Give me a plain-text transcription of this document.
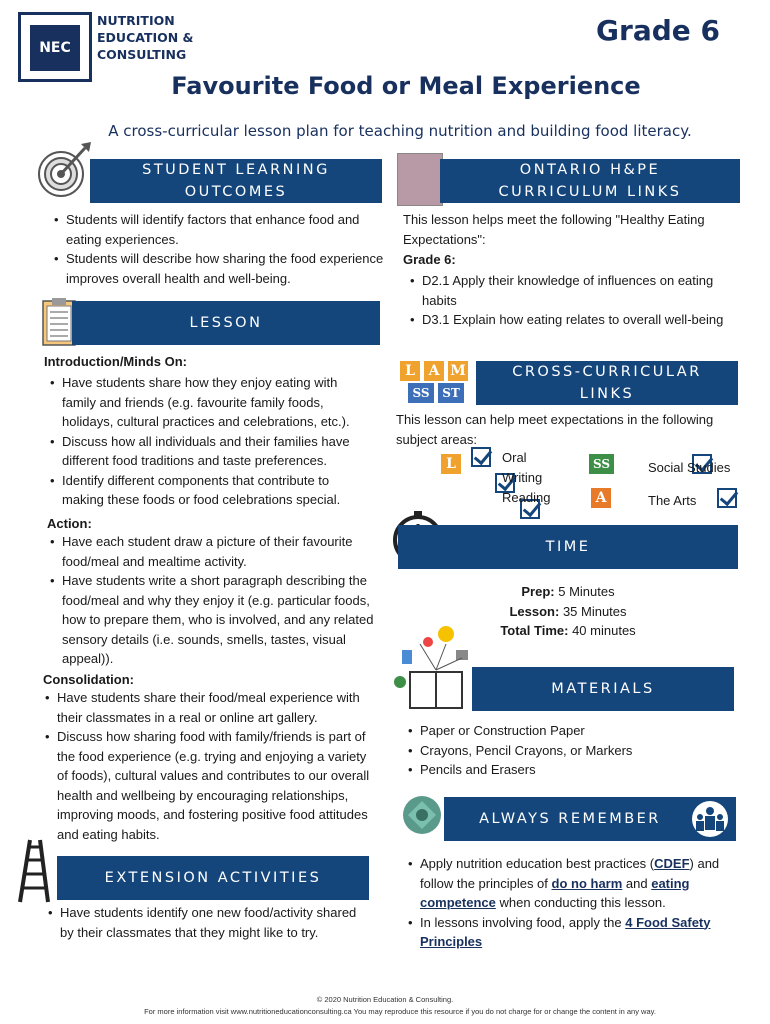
NEC
NUTRITION
EDUCATION &
CONSULTING
Grade 6
Favourite Food or Meal Experience
A cross-curricular lesson plan for teaching nutrition and building food literacy.
STUDENT LEARNING
OUTCOMES
• Students will identify factors that enhance food and eating experiences.
• Students will describe how sharing the food experience improves overall health and well-being.
ONTARIO H&PE
CURRICULUM LINKS
This lesson helps meet the following "Healthy Eating Expectations":
Grade 6:
• D2.1 Apply their knowledge of influences on eating habits
• D3.1 Explain how eating relates to overall well-being
LESSON
Introduction/Minds On:
• Have students share how they enjoy eating with family and friends (e.g. favourite family foods, holidays, cultural practices and celebrations, etc.).
• Discuss how all individuals and their families have different food traditions and taste preferences.
• Identify different components that contribute to making these foods or food celebrations special.
Action:
• Have each student draw a picture of their favourite food/meal and mealtime activity.
• Have students write a short paragraph describing the food/meal and why they enjoy it (e.g. particular foods, how to prepare them, who is involved, and any related sensory details (i.e. sounds, smells, tastes, visual appeal)).
Consolidation:
• Have students share their food/meal experience with their classmates in a real or online art gallery.
• Discuss how sharing food with family/friends is part of the food experience (e.g. trying and enjoying a variety of foods), cultural values and contributes to our overall health and wellbeing by encouraging relationships, improving moods, and fostering positive food attitudes and eating habits.
EXTENSION ACTIVITIES
• Have students identify one new food/activity shared by their classmates that they might like to try.
L A M
SS	ST
CROSS-CURRICULAR
LINKS
This lesson can help meet expectations in the following subject areas:
L
	Oral
Writing
Reading
SS
	Social Studies
A	The Arts
TIME
Prep: 5 Minutes
Lesson: 35 Minutes
Total Time: 40 minutes
MATERIALS
• Paper or Construction Paper
• Crayons, Pencil Crayons, or Markers
• Pencils and Erasers
ALWAYS REMEMBER
• Apply nutrition education best practices (CDEF) and follow the principles of do no harm and eating competence when conducting this lesson.
• In lessons involving food, apply the 4 Food Safety Principles
© 2020 Nutrition Education & Consulting.
For more information visit www.nutritioneducationconsulting.ca You may reproduce this resource if you do not charge for or change the content in any way.
